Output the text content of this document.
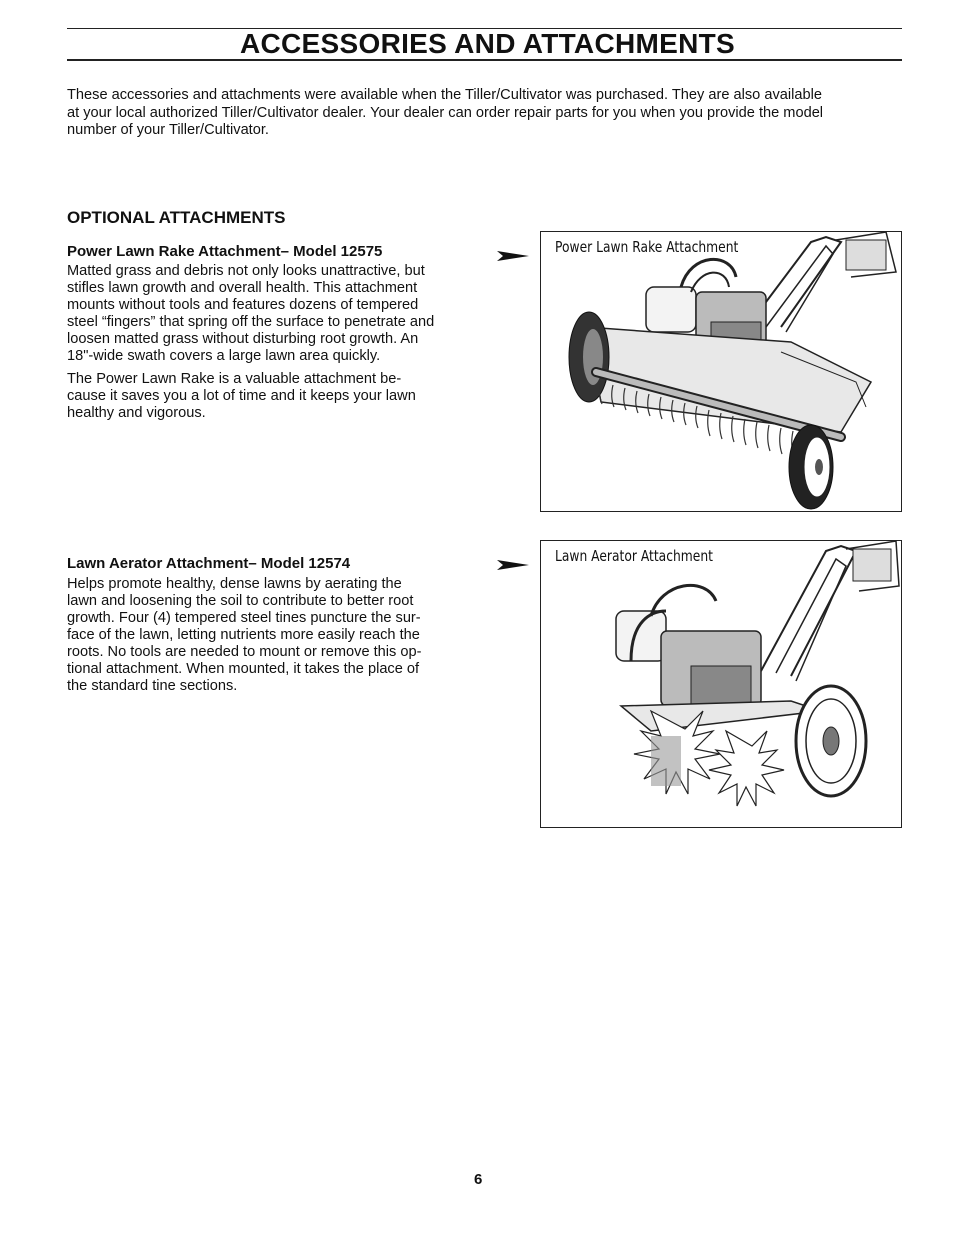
ACCESSORIES AND ATTACHMENTS
These accessories and attachments were available when the Tiller/Cultivator was purchased. They are also available
at your local authorized Tiller/Cultivator dealer. Your dealer can order repair parts for you when you provide the model
number of your Tiller/Cultivator.
OPTIONAL ATTACHMENTS
Power Lawn Rake Attachment– Model 12575
Matted grass and debris not only looks unattractive, but
stifles lawn growth and overall health. This attachment
mounts without tools and features dozens of tempered
steel “fingers” that spring off the surface to penetrate and
loosen matted grass without disturbing root growth. An
18"-wide swath covers a large lawn area quickly.
The Power Lawn Rake is a valuable attachment be-
cause it saves you a lot of time and it keeps your lawn
healthy and vigorous.
Power Lawn Rake Attachment
Lawn Aerator Attachment– Model 12574
Helps promote healthy, dense lawns by aerating the
lawn and loosening the soil to contribute to better root
growth. Four (4) tempered steel tines puncture the sur-
face of the lawn, letting nutrients more easily reach the
roots. No tools are needed to mount or remove this op-
tional attachment. When mounted, it takes the place of
the standard tine sections.
Lawn Aerator Attachment
6
